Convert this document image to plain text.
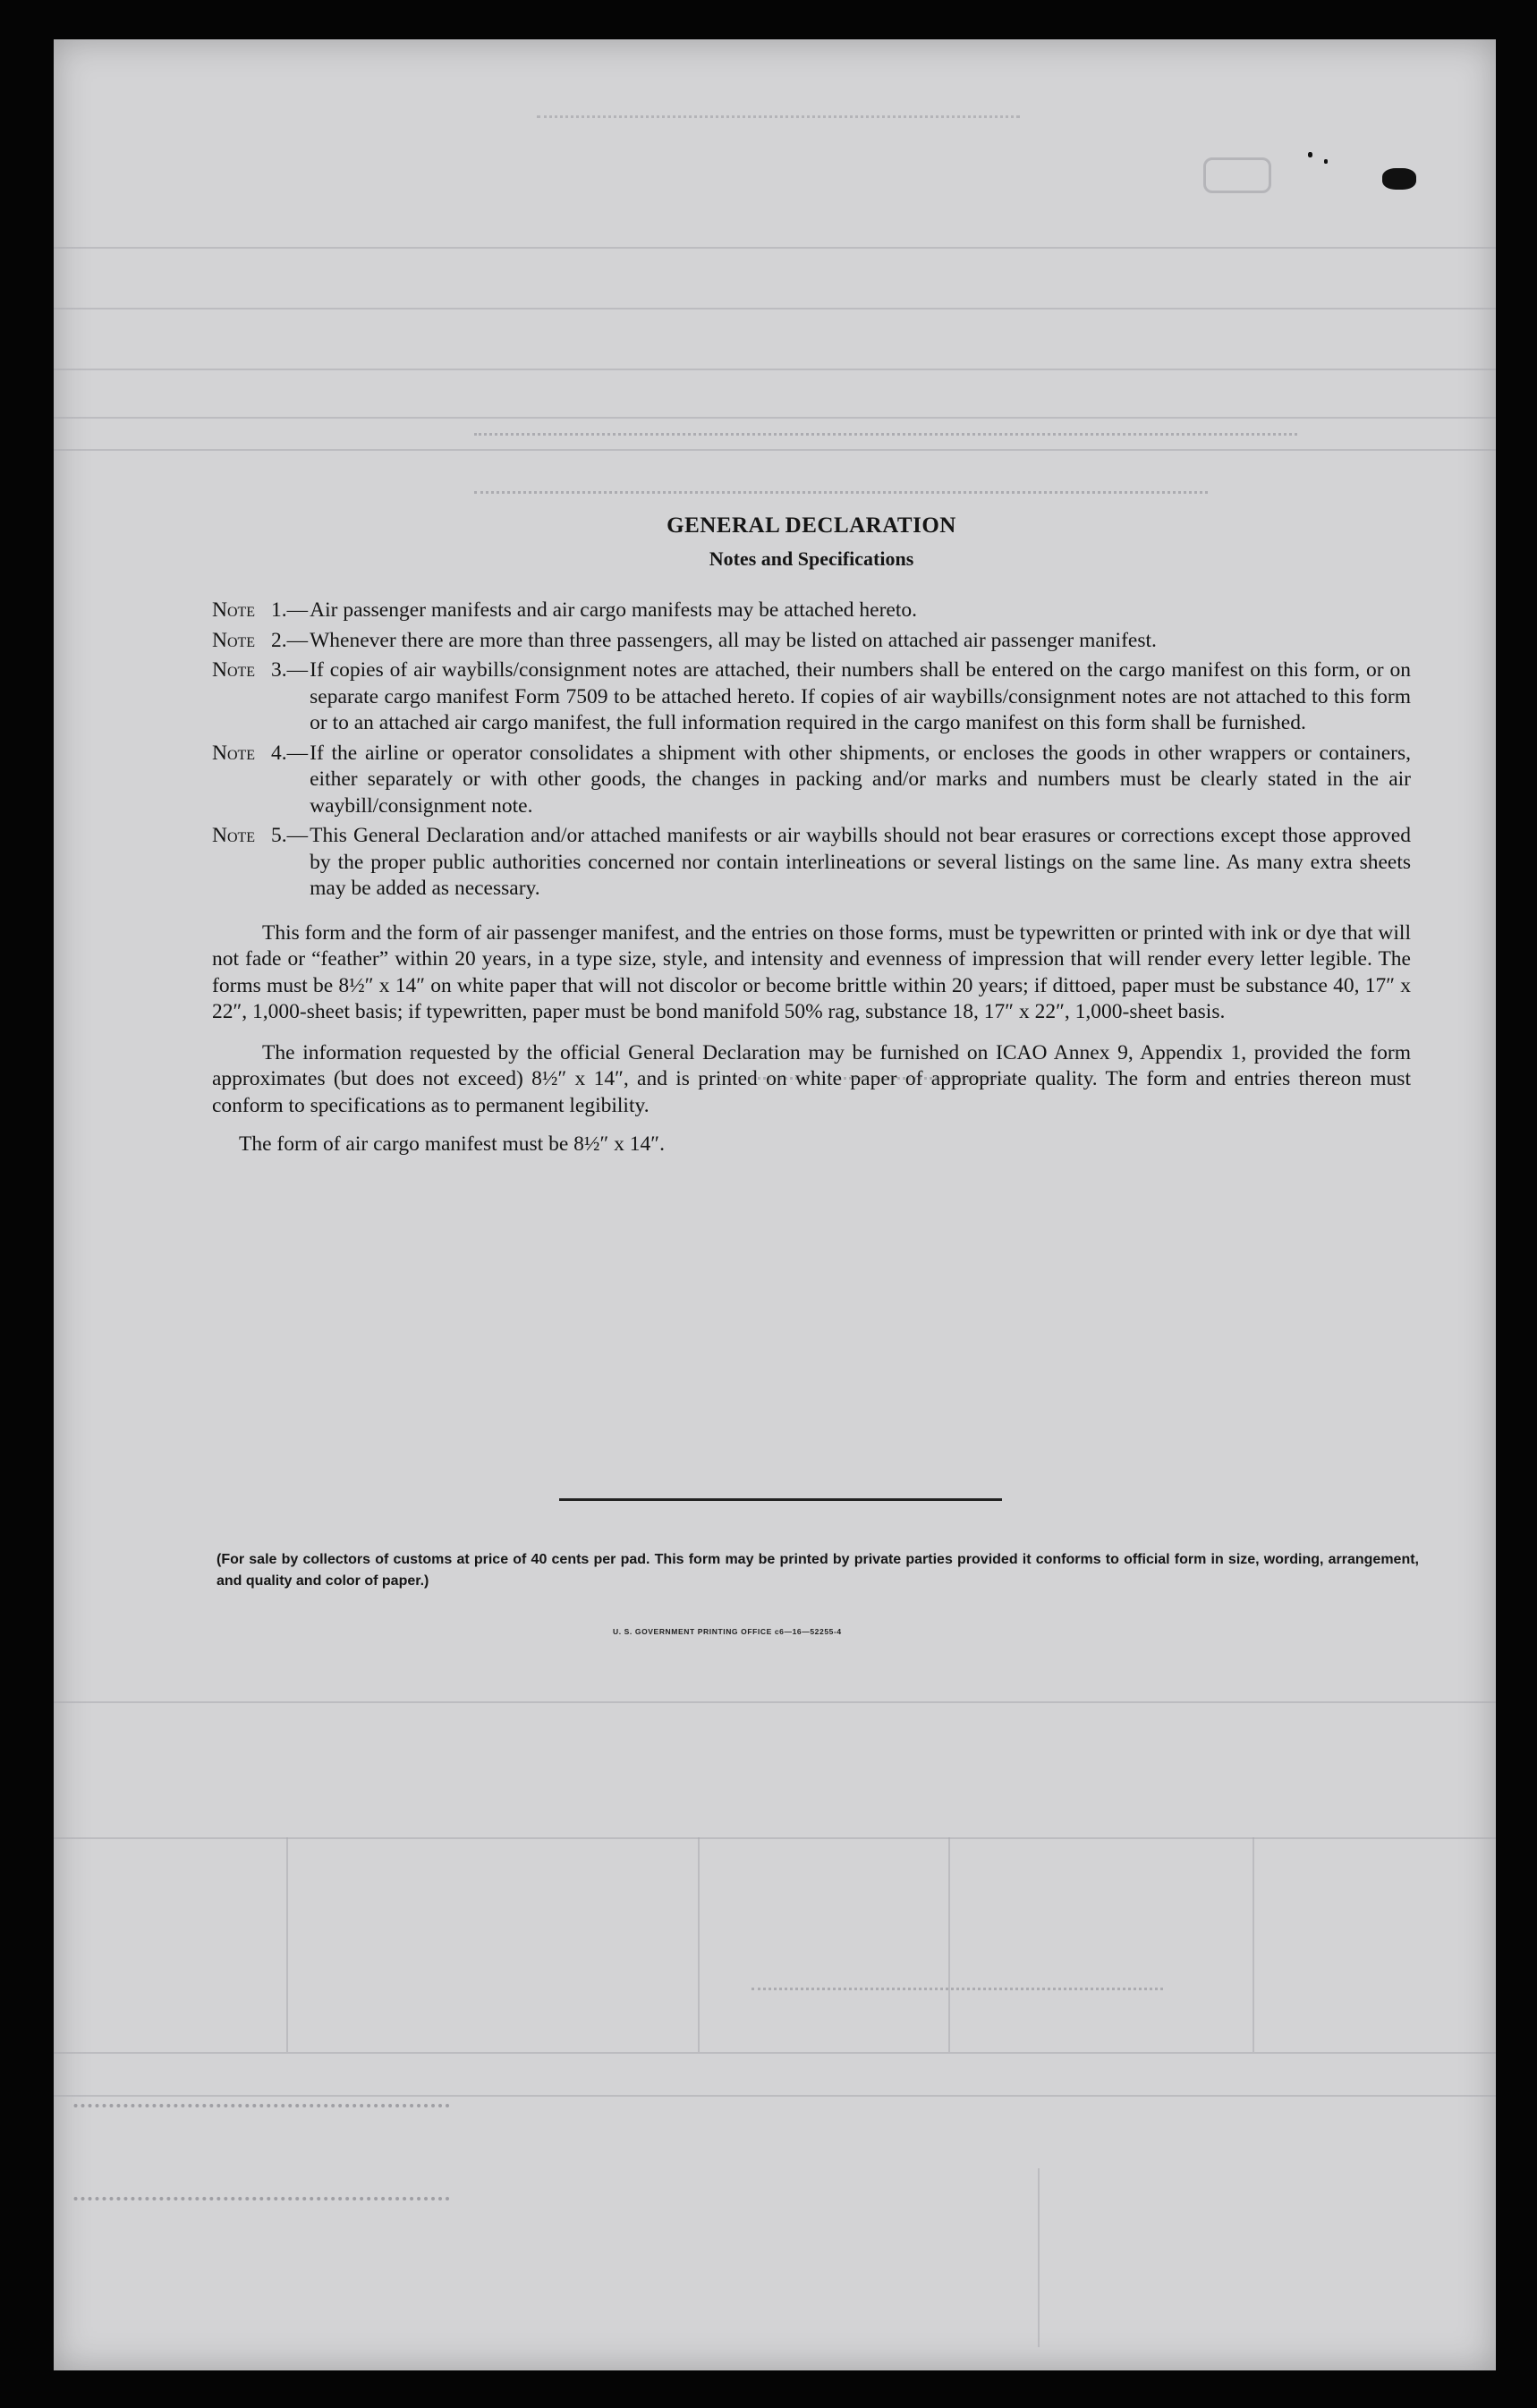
GENERAL DECLARATION
Notes and Specifications
Note 1.— Air passenger manifests and air cargo manifests may be attached hereto.
Note 2.— Whenever there are more than three passengers, all may be listed on attached air passenger manifest.
Note 3.— If copies of air waybills/consignment notes are attached, their numbers shall be entered on the cargo manifest on this form, or on separate cargo manifest Form 7509 to be attached hereto. If copies of air waybills/consignment notes are not attached to this form or to an attached air cargo manifest, the full information required in the cargo manifest on this form shall be furnished.
Note 4.— If the airline or operator consolidates a shipment with other shipments, or encloses the goods in other wrappers or containers, either separately or with other goods, the changes in packing and/or marks and numbers must be clearly stated in the air waybill/consignment note.
Note 5.— This General Declaration and/or attached manifests or air waybills should not bear erasures or corrections except those approved by the proper public authorities concerned nor contain interlineations or several listings on the same line. As many extra sheets may be added as necessary.

This form and the form of air passenger manifest, and the entries on those forms, must be typewritten or printed with ink or dye that will not fade or “feather” within 20 years, in a type size, style, and intensity and evenness of impression that will render every letter legible. The forms must be 8½″ x 14″ on white paper that will not discolor or become brittle within 20 years; if dittoed, paper must be substance 40, 17″ x 22″, 1,000-sheet basis; if typewritten, paper must be bond manifold 50% rag, substance 18, 17″ x 22″, 1,000-sheet basis.

The information requested by the official General Declaration may be furnished on ICAO Annex 9, Appendix 1, provided the form approximates (but does not exceed) 8½″ x 14″, and is printed on white paper of appropriate quality. The form and entries thereon must conform to specifications as to permanent legibility.

The form of air cargo manifest must be 8½″ x 14″.
(For sale by collectors of customs at price of 40 cents per pad. This form may be printed by private parties provided it conforms to official form in size, wording, arrangement, and quality and color of paper.)
U. S. GOVERNMENT PRINTING OFFICE c6—16—52255-4
